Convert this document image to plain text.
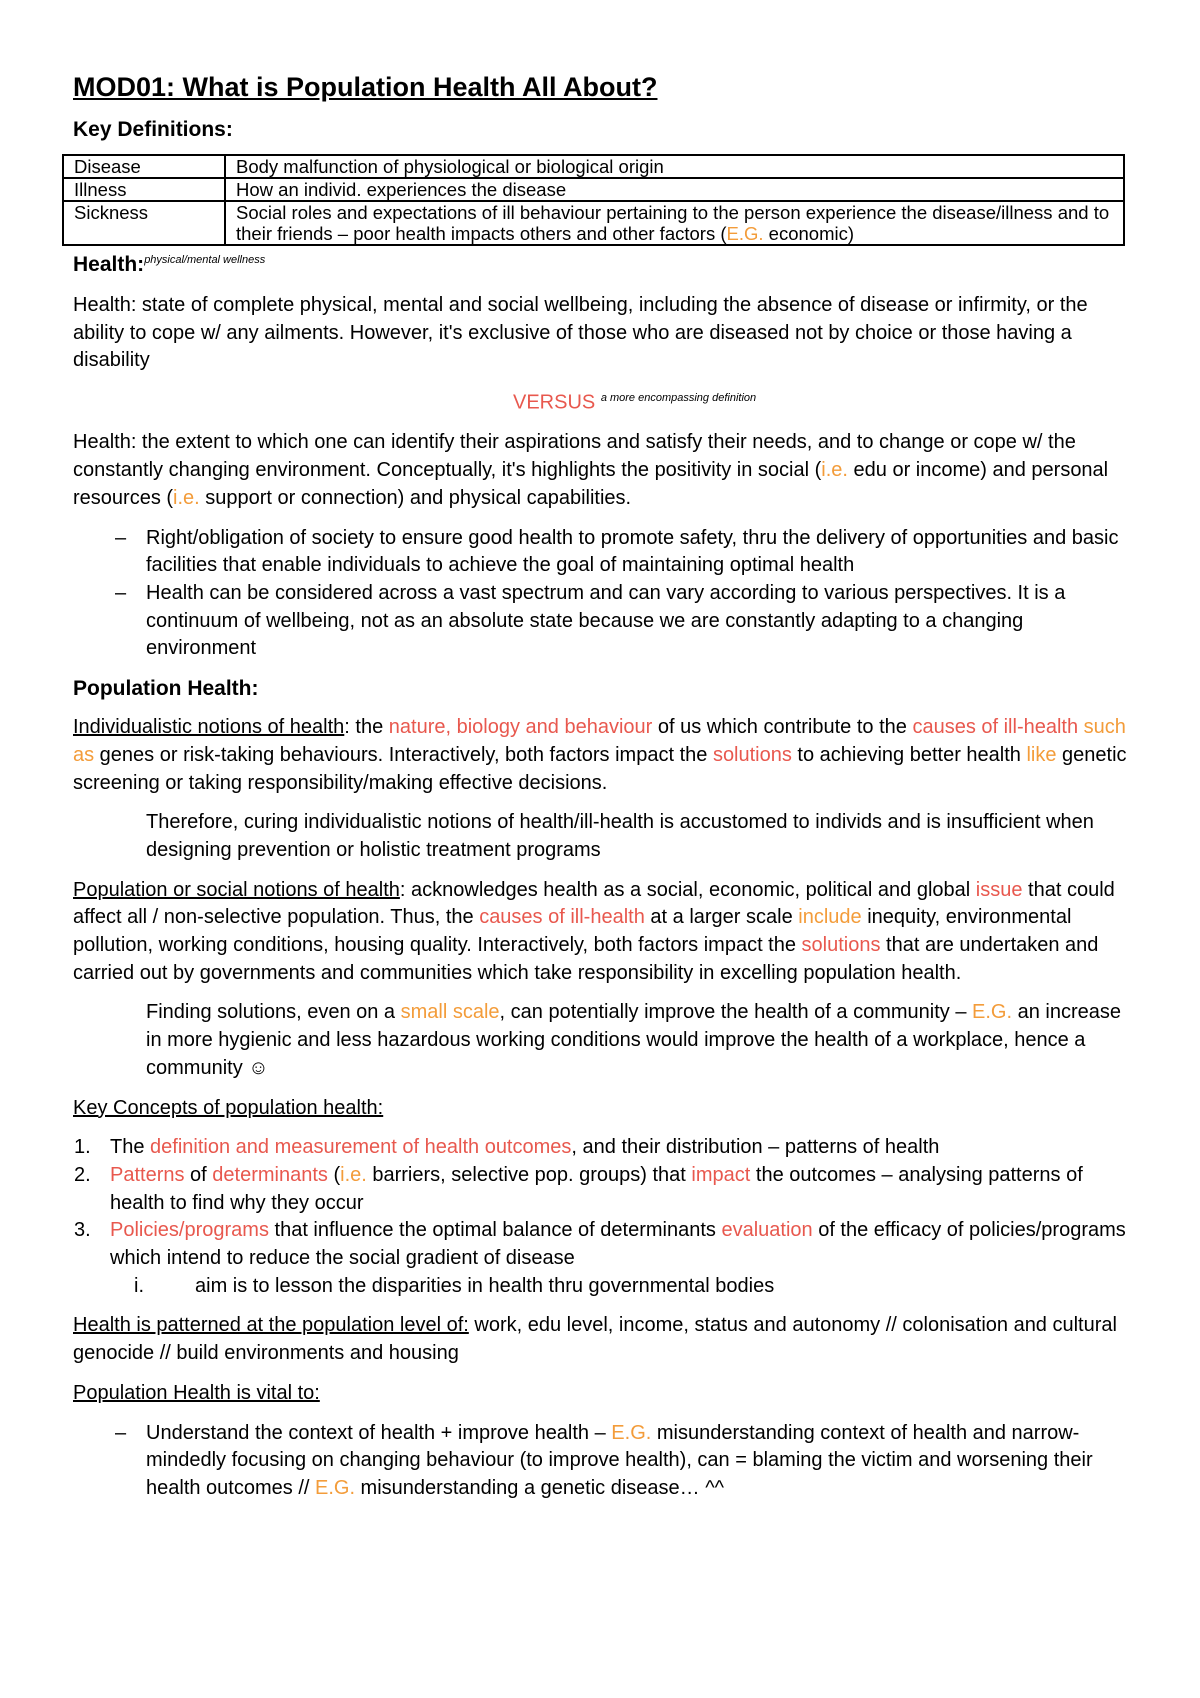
MOD01: What is Population Health All About?
Key Definitions:
Disease	Body malfunction of physiological or biological origin
Illness	How an individ. experiences the disease
Sickness	Social roles and expectations of ill behaviour pertaining to the person experience the disease/illness and to their friends – poor health impacts others and other factors (E.G. economic)
Health:$^{physical/mental wellness}$

Health: state of complete physical, mental and social wellbeing, including the absence of disease or infirmity, or the ability to cope w/ any ailments. However, it's exclusive of those who are diseased not by choice or those having a disability

VERSUS $^{a more encompassing definition}$

Health: the extent to which one can identify their aspirations and satisfy their needs, and to change or cope w/ the constantly changing environment. Conceptually, it's highlights the positivity in social (i.e. edu or income) and personal resources (i.e. support or connection) and physical capabilities.

– Right/obligation of society to ensure good health to promote safety, thru the delivery of opportunities and basic facilities that enable individuals to achieve the goal of maintaining optimal health
– Health can be considered across a vast spectrum and can vary according to various perspectives. It is a continuum of wellbeing, not as an absolute state because we are constantly adapting to a changing environment
Population Health:

Individualistic notions of health: the nature, biology and behaviour of us which contribute to the causes of ill-health such as genes or risk-taking behaviours. Interactively, both factors impact the solutions to achieving better health like genetic screening or taking responsibility/making effective decisions.

Therefore, curing individualistic notions of health/ill-health is accustomed to individs and is insufficient when designing prevention or holistic treatment programs

Population or social notions of health: acknowledges health as a social, economic, political and global issue that could affect all / non-selective population. Thus, the causes of ill-health at a larger scale include inequity, environmental pollution, working conditions, housing quality. Interactively, both factors impact the solutions that are undertaken and carried out by governments and communities which take responsibility in excelling population health.

Finding solutions, even on a small scale, can potentially improve the health of a community – E.G. an increase in more hygienic and less hazardous working conditions would improve the health of a workplace, hence a community ☺

Key Concepts of population health:

1. The definition and measurement of health outcomes, and their distribution – patterns of health
2. Patterns of determinants (i.e. barriers, selective pop. groups) that impact the outcomes – analysing patterns of health to find why they occur
3. Policies/programs that influence the optimal balance of determinants evaluation of the efficacy of policies/programs which intend to reduce the social gradient of disease
i.	aim is to lesson the disparities in health thru governmental bodies

Health is patterned at the population level of: work, edu level, income, status and autonomy // colonisation and cultural genocide // build environments and housing

Population Health is vital to:

– Understand the context of health + improve health – E.G. misunderstanding context of health and narrow-mindedly focusing on changing behaviour (to improve health), can = blaming the victim and worsening their health outcomes // E.G. misunderstanding a genetic disease… ^^
